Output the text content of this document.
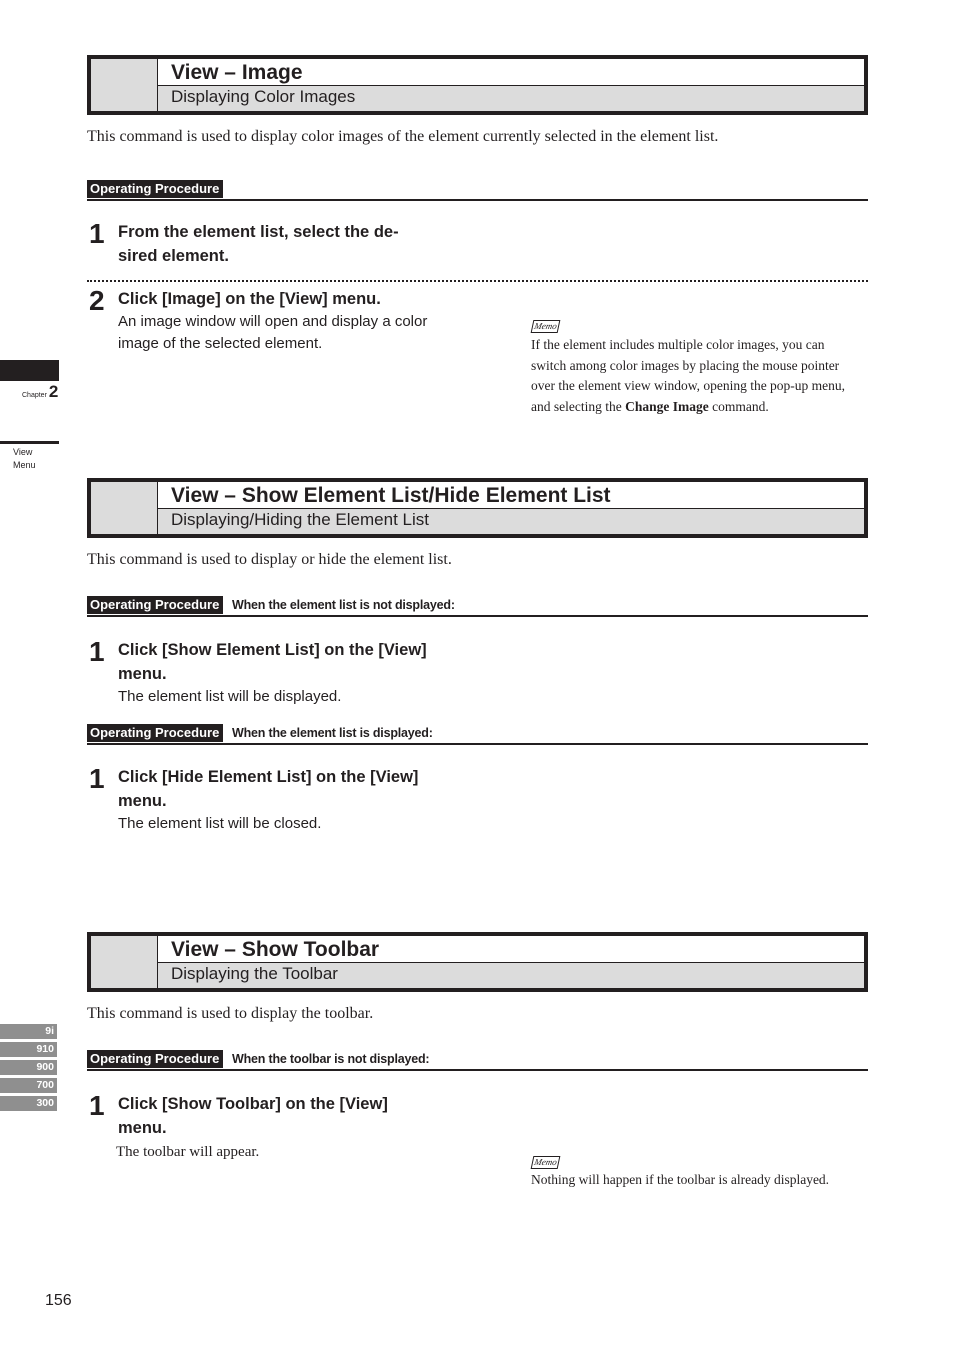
Chapter 2
View
Menu
9i
910
900
700
300
View – Image
Displaying Color Images
This command is used to display color images of the element currently selected in the element list.
Operating Procedure
1 From the element list, select the de-
sired element.
2 Click [Image] on the [View] menu.
An image window will open and display a color
image of the selected element.
Memo
If the element includes multiple color images, you can
switch among color images by placing the mouse pointer
over the element view window, opening the pop-up menu,
and selecting the Change Image command.
View – Show Element List/Hide Element List
Displaying/Hiding the Element List
This command is used to display or hide the element list.
Operating Procedure	When the element list is not displayed:
1 Click [Show Element List] on the [View]
menu.
The element list will be displayed.
Operating Procedure	When the element list is displayed:
1 Click [Hide Element List] on the [View]
menu.
The element list will be closed.
View – Show Toolbar
Displaying the Toolbar
This command is used to display the toolbar.
Operating Procedure	When the toolbar is not displayed:
1 Click [Show Toolbar] on the [View]
menu.
The toolbar will appear.
Memo
Nothing will happen if the toolbar is already displayed.
156
